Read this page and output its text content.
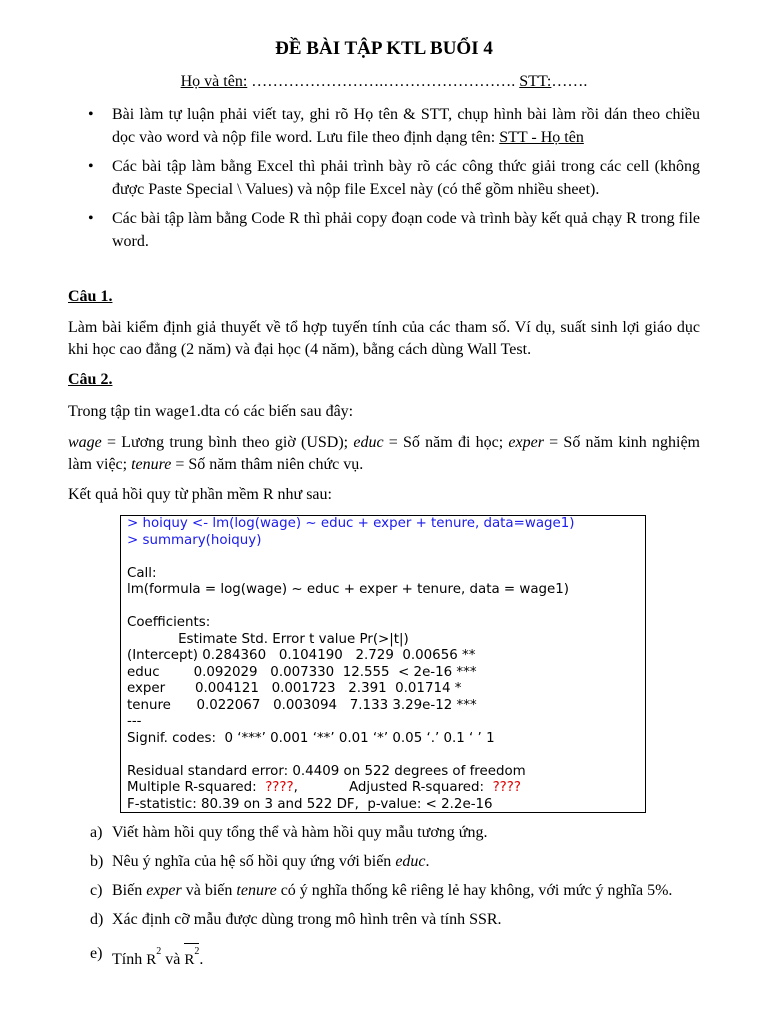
ĐỀ BÀI TẬP KTL BUỔI 4
Họ và tên: …………………….……………………. STT:…….
• Bài làm tự luận phải viết tay, ghi rõ Họ tên & STT, chụp hình bài làm rồi dán theo chiều dọc vào word và nộp file word. Lưu file theo định dạng tên: STT - Họ tên
• Các bài tập làm bằng Excel thì phải trình bày rõ các công thức giải trong các cell (không được Paste Special \ Values) và nộp file Excel này (có thể gồm nhiều sheet).
• Các bài tập làm bằng Code R thì phải copy đoạn code và trình bày kết quả chạy R trong file word.
Câu 1.
Làm bài kiểm định giả thuyết về tổ hợp tuyến tính của các tham số. Ví dụ, suất sinh lợi giáo dục khi học cao đẳng (2 năm) và đại học (4 năm), bằng cách dùng Wall Test.
Câu 2.
Trong tập tin wage1.dta có các biến sau đây:
wage = Lương trung bình theo giờ (USD); educ = Số năm đi học; exper = Số năm kinh nghiệm làm việc; tenure = Số năm thâm niên chức vụ.
Kết quả hồi quy từ phần mềm R như sau:
> hoiquy <- lm(log(wage) ~ educ + exper + tenure, data=wage1)
> summary(hoiquy)
Call:
lm(formula = log(wage) ~ educ + exper + tenure, data = wage1)
Coefficients:
Estimate Std. Error t value Pr(>|t|)
(Intercept) 0.284360   0.104190   2.729  0.00656 **
educ        0.092029   0.007330  12.555  < 2e-16 ***
exper       0.004121   0.001723   2.391  0.01714 *
tenure      0.022067   0.003094   7.133 3.29e-12 ***
---
Signif. codes:  0 ‘***’ 0.001 ‘**’ 0.01 ‘*’ 0.05 ‘.’ 0.1 ‘ ’ 1
Residual standard error: 0.4409 on 522 degrees of freedom
Multiple R-squared:  ????,            Adjusted R-squared:  ????
F-statistic: 80.39 on 3 and 522 DF,  p-value: < 2.2e-16
a) Viết hàm hồi quy tổng thể và hàm hồi quy mẫu tương ứng.
b) Nêu ý nghĩa của hệ số hồi quy ứng với biến educ.
c) Biến exper và biến tenure có ý nghĩa thống kê riêng lẻ hay không, với mức ý nghĩa 5%.
d) Xác định cỡ mẫu được dùng trong mô hình trên và tính SSR.
e) Tính $R^2$ và $R^2$.
